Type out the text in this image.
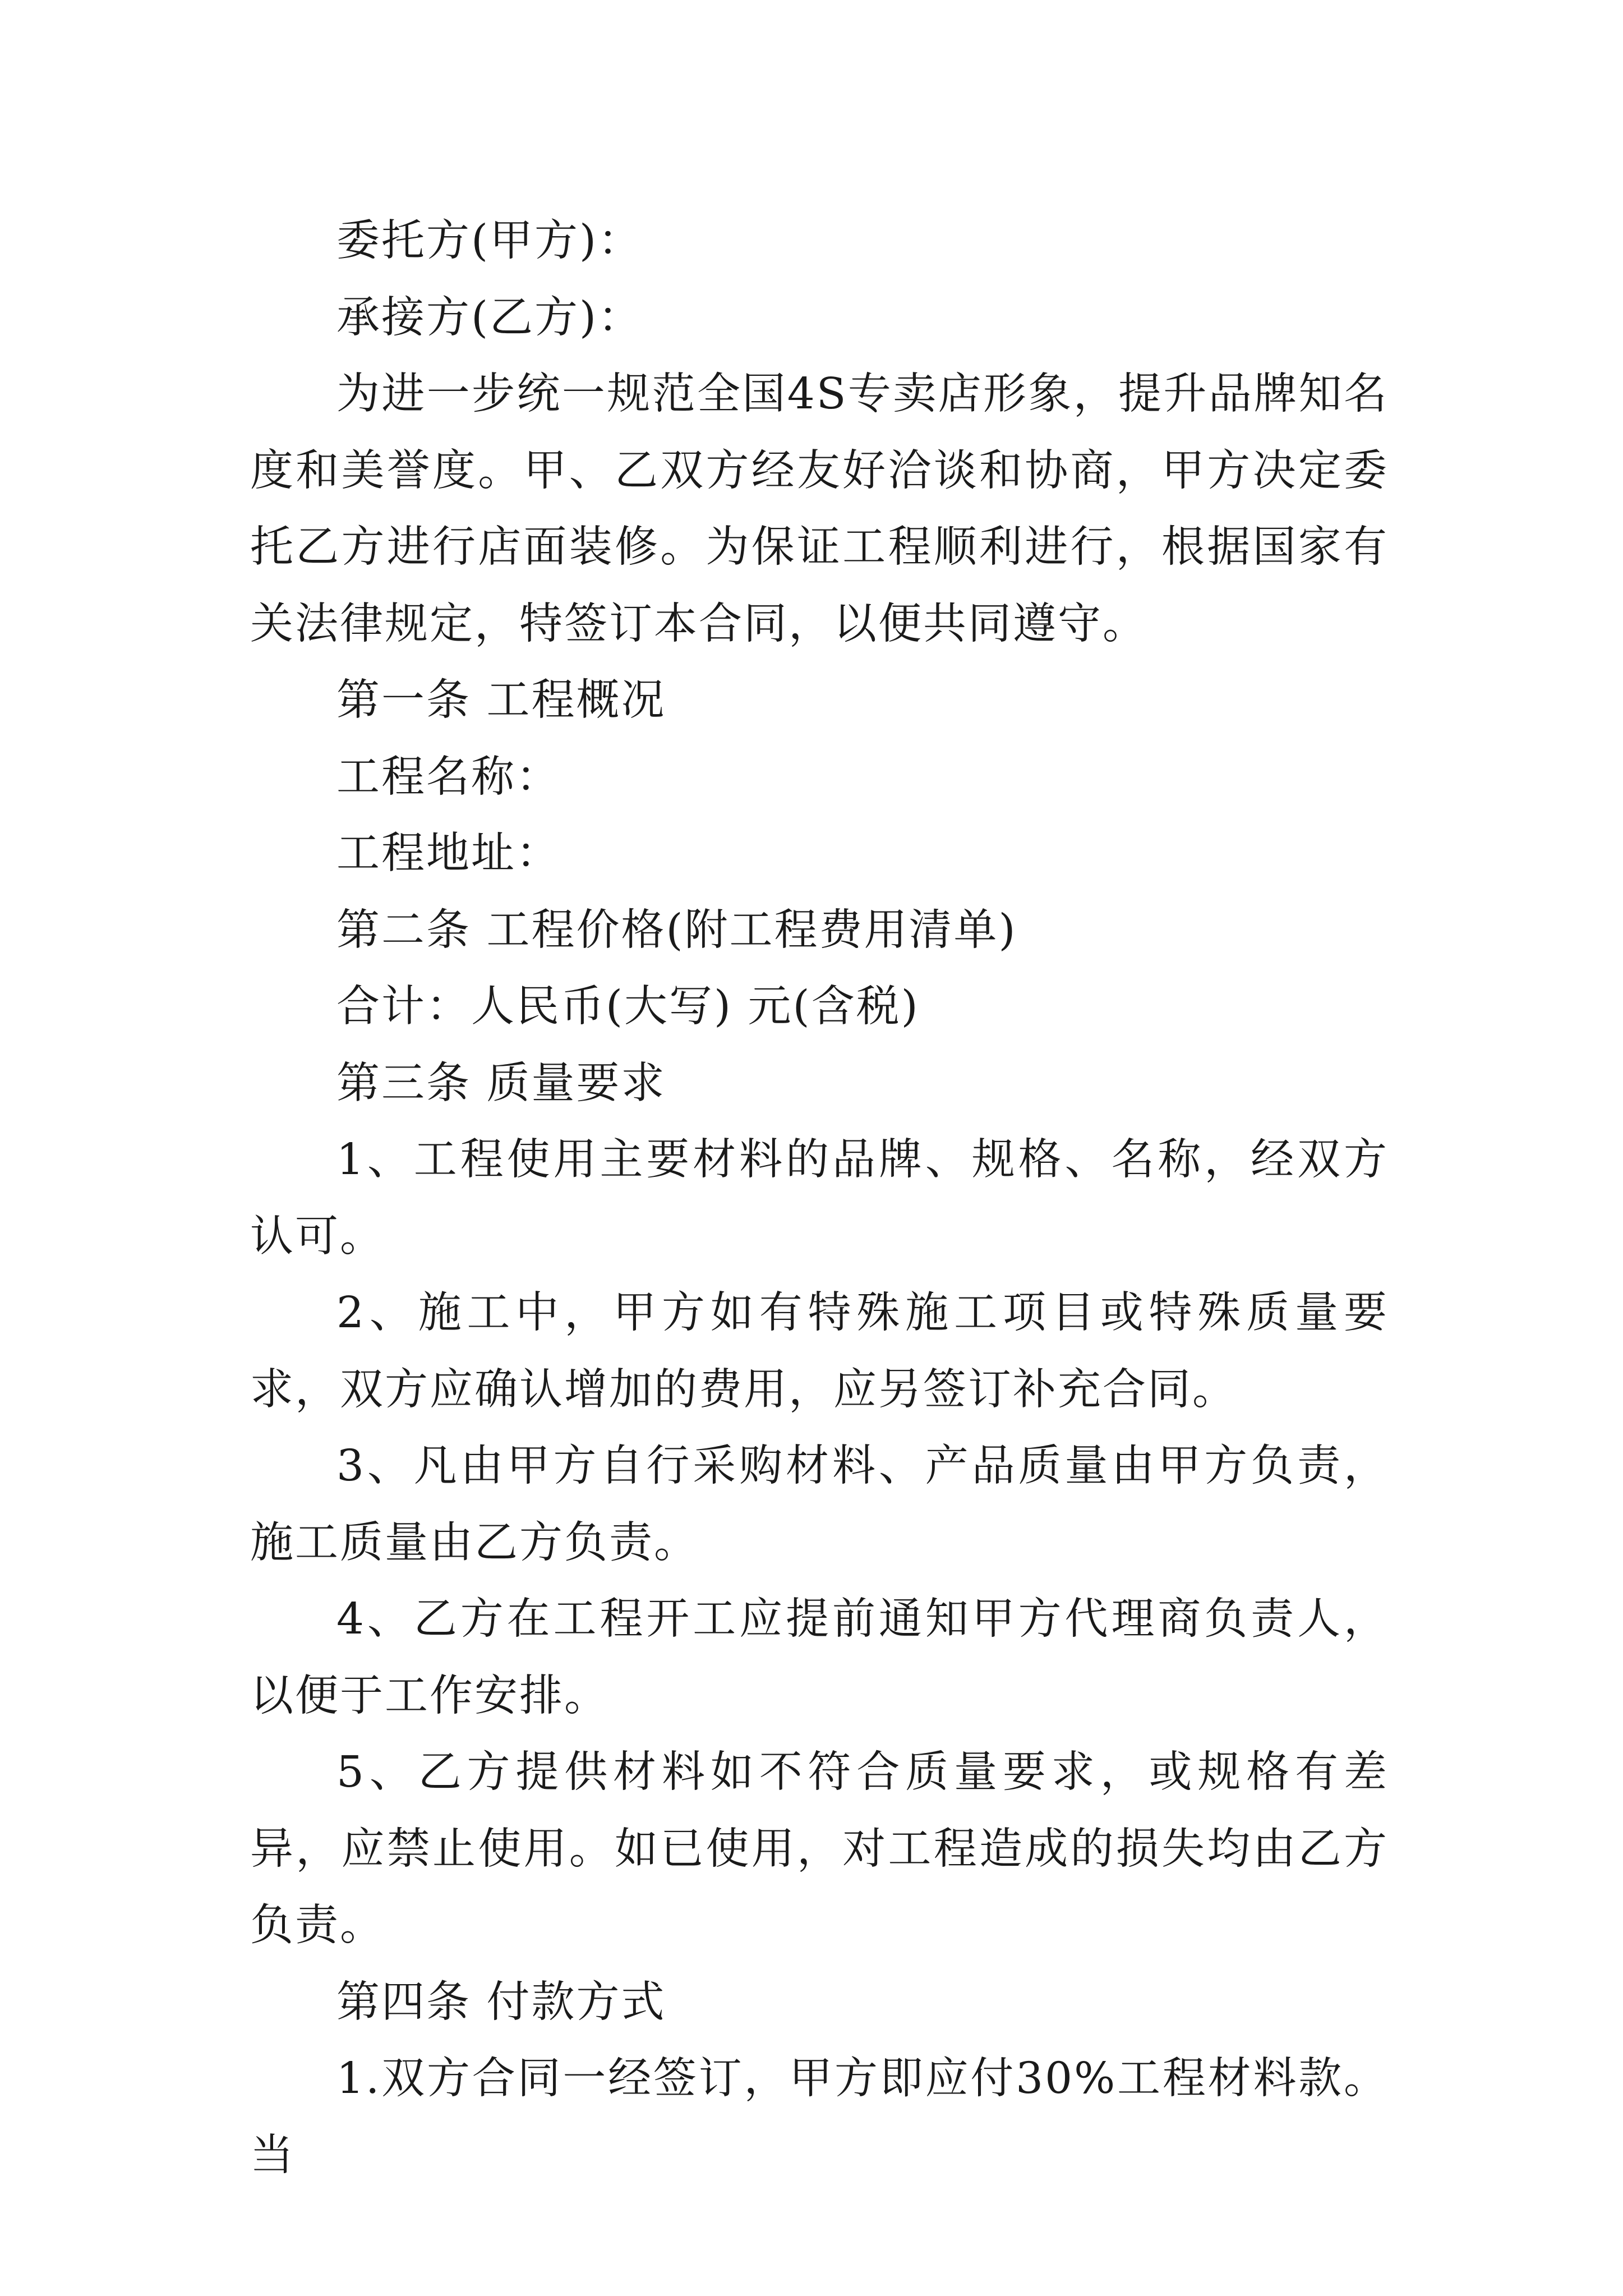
委托方(甲方)：

承接方(乙方)：

为进一步统一规范全国4S专卖店形象，提升品牌知名度和美誉度。甲、乙双方经友好洽谈和协商，甲方决定委托乙方进行店面装修。为保证工程顺利进行，根据国家有关法律规定，特签订本合同，以便共同遵守。

第一条 工程概况

工程名称：

工程地址：

第二条 工程价格(附工程费用清单)

合计：人民币(大写) 元(含税)

第三条 质量要求

1、工程使用主要材料的品牌、规格、名称，经双方认可。

2、施工中，甲方如有特殊施工项目或特殊质量要求，双方应确认增加的费用，应另签订补充合同。

3、凡由甲方自行采购材料、产品质量由甲方负责，施工质量由乙方负责。

4、乙方在工程开工应提前通知甲方代理商负责人，以便于工作安排。

5、乙方提供材料如不符合质量要求，或规格有差异，应禁止使用。如已使用，对工程造成的损失均由乙方负责。

第四条 付款方式

1.双方合同一经签订，甲方即应付30%工程材料款。当
